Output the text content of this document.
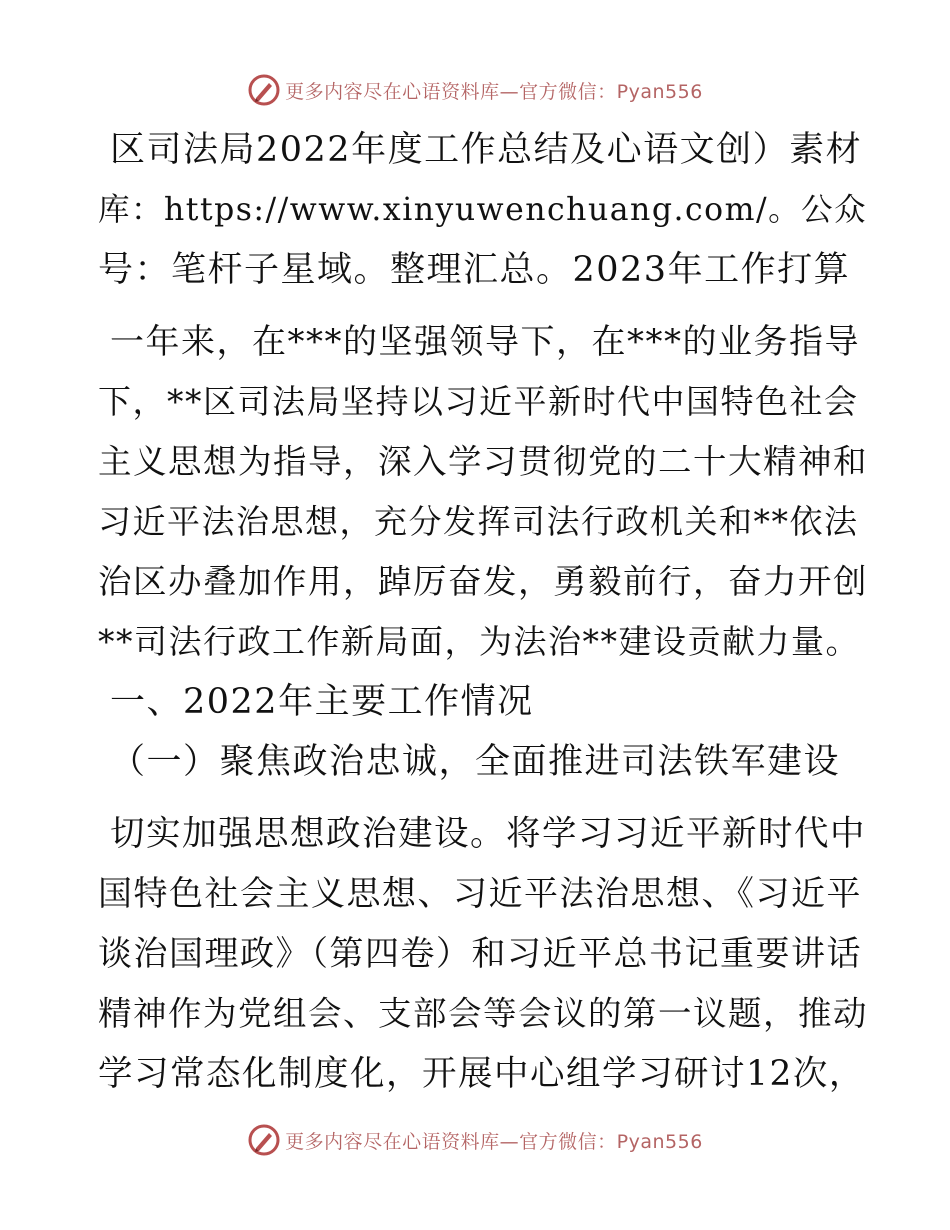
更多内容尽在心语资料库—官方微信：Pyan556
区司法局2022年度工作总结及心语文创）素材
库：https://www.xinyuwenchuang.com/。公众
号：笔杆子星域。整理汇总。2023年工作打算
一年来，在***的坚强领导下，在***的业务指导
下，**区司法局坚持以习近平新时代中国特色社会
主义思想为指导，深入学习贯彻党的二十大精神和
习近平法治思想，充分发挥司法行政机关和**依法
治区办叠加作用，踔厉奋发，勇毅前行，奋力开创
**司法行政工作新局面，为法治**建设贡献力量。

一、2022年主要工作情况

（一）聚焦政治忠诚，全面推进司法铁军建设

切实加强思想政治建设。将学习习近平新时代中
国特色社会主义思想、习近平法治思想、《习近平
谈治国理政》（第四卷）和习近平总书记重要讲话
精神作为党组会、支部会等会议的第一议题，推动
学习常态化制度化，开展中心组学习研讨12次，
更多内容尽在心语资料库—官方微信：Pyan556
